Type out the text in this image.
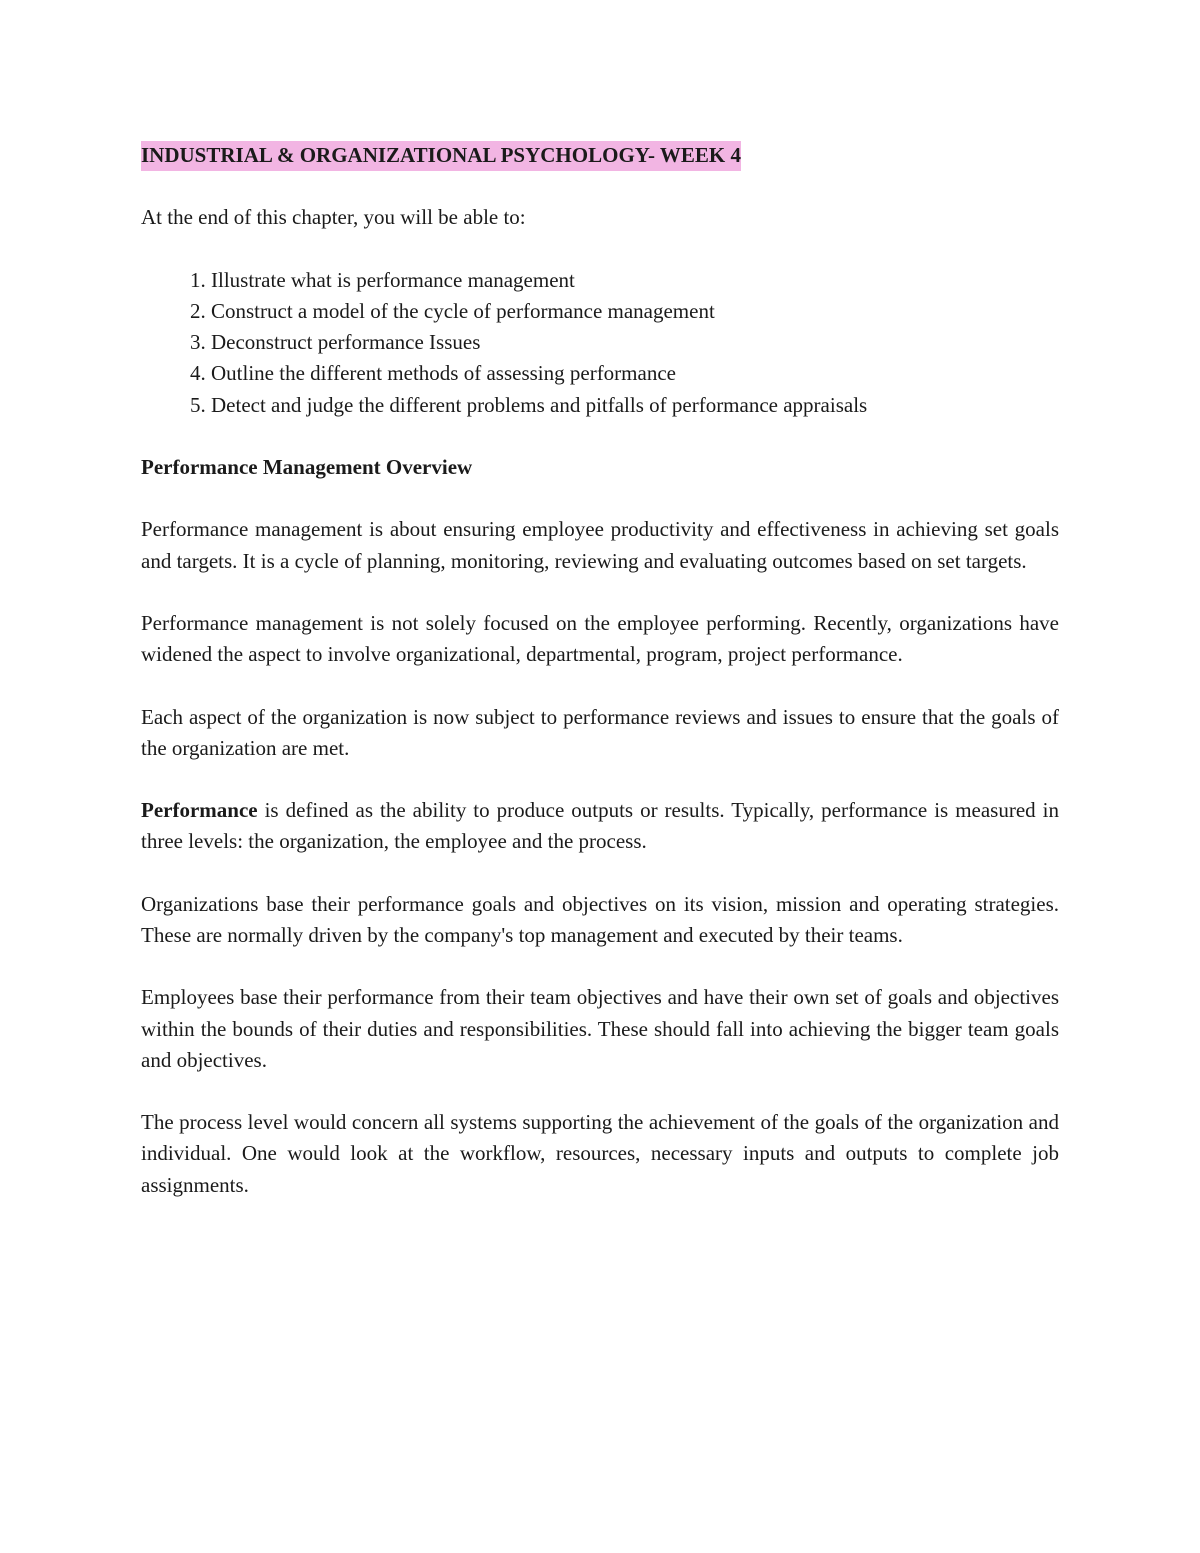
INDUSTRIAL & ORGANIZATIONAL PSYCHOLOGY- WEEK 4

At the end of this chapter, you will be able to:

1. Illustrate what is performance management
2. Construct a model of the cycle of performance management
3. Deconstruct performance Issues
4. Outline the different methods of assessing performance
5. Detect and judge the different problems and pitfalls of performance appraisals

Performance Management Overview

Performance management is about ensuring employee productivity and effectiveness in achieving set goals and targets. It is a cycle of planning, monitoring, reviewing and evaluating outcomes based on set targets.

Performance management is not solely focused on the employee performing. Recently, organizations have widened the aspect to involve organizational, departmental, program, project performance.

Each aspect of the organization is now subject to performance reviews and issues to ensure that the goals of the organization are met.

Performance is defined as the ability to produce outputs or results. Typically, performance is measured in three levels: the organization, the employee and the process.

Organizations base their performance goals and objectives on its vision, mission and operating strategies. These are normally driven by the company's top management and executed by their teams.

Employees base their performance from their team objectives and have their own set of goals and objectives within the bounds of their duties and responsibilities. These should fall into achieving the bigger team goals and objectives.

The process level would concern all systems supporting the achievement of the goals of the organization and individual. One would look at the workflow, resources, necessary inputs and outputs to complete job assignments.
